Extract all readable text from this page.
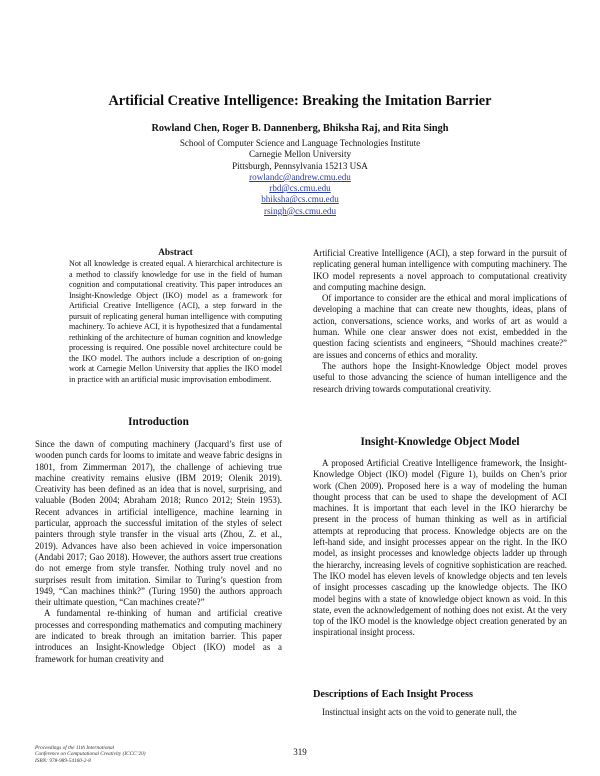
Artificial Creative Intelligence: Breaking the Imitation Barrier
Rowland Chen, Roger B. Dannenberg, Bhiksha Raj, and Rita Singh
School of Computer Science and Language Technologies Institute
Carnegie Mellon University
Pittsburgh, Pennsylvania 15213 USA
rowlandc@andrew.cmu.edu
rbd@cs.cmu.edu
bhiksha@cs.cmu.edu
rsingh@cs.cmu.edu
Abstract
Not all knowledge is created equal. A hierarchical architecture is a method to classify knowledge for use in the field of human cognition and computational creativity. This paper introduces an Insight-Knowledge Object (IKO) model as a framework for Artificial Creative Intelligence (ACI), a step forward in the pursuit of replicating general human intelligence with computing machinery. To achieve ACI, it is hypothesized that a fundamental rethinking of the architecture of human cognition and knowledge processing is required. One possible novel architecture could be the IKO model. The authors include a description of on-going work at Carnegie Mellon University that applies the IKO model in practice with an artificial music improvisation embodiment.
Introduction

Since the dawn of computing machinery (Jacquard’s first use of wooden punch cards for looms to imitate and weave fabric designs in 1801, from Zimmerman 2017), the challenge of achieving true machine creativity remains elusive (IBM 2019; Olenik 2019). Creativity has been defined as an idea that is novel, surprising, and valuable (Boden 2004; Abraham 2018; Runco 2012; Stein 1953). Recent advances in artificial intelligence, machine learning in particular, approach the successful imitation of the styles of select painters through style transfer in the visual arts (Zhou, Z. et al., 2019). Advances have also been achieved in voice impersonation (Andabi 2017; Gao 2018). However, the authors assert true creations do not emerge from style transfer. Nothing truly novel and no surprises result from imitation. Similar to Turing’s question from 1949, “Can machines think?” (Turing 1950) the authors approach their ultimate question, “Can machines create?”

A fundamental re-thinking of human and artificial creative processes and corresponding mathematics and computing machinery are indicated to break through an imitation barrier. This paper introduces an Insight-Knowledge Object (IKO) model as a framework for human creativity and

Artificial Creative Intelligence (ACI), a step forward in the pursuit of replicating general human intelligence with computing machinery. The IKO model represents a novel approach to computational creativity and computing machine design.

Of importance to consider are the ethical and moral implications of developing a machine that can create new thoughts, ideas, plans of action, conversations, science works, and works of art as would a human. While one clear answer does not exist, embedded in the question facing scientists and engineers, “Should machines create?” are issues and concerns of ethics and morality.

The authors hope the Insight-Knowledge Object model proves useful to those advancing the science of human intelligence and the research driving towards computational creativity.

Insight-Knowledge Object Model

A proposed Artificial Creative Intelligence framework, the Insight-Knowledge Object (IKO) model (Figure 1), builds on Chen’s prior work (Chen 2009). Proposed here is a way of modeling the human thought process that can be used to shape the development of ACI machines. It is important that each level in the IKO hierarchy be present in the process of human thinking as well as in artificial attempts at reproducing that process. Knowledge objects are on the left-hand side, and insight processes appear on the right. In the IKO model, as insight processes and knowledge objects ladder up through the hierarchy, increasing levels of cognitive sophistication are reached. The IKO model has eleven levels of knowledge objects and ten levels of insight processes cascading up the knowledge objects. The IKO model begins with a state of knowledge object known as void. In this state, even the acknowledgement of nothing does not exist. At the very top of the IKO model is the knowledge object creation generated by an inspirational insight process.

Descriptions of Each Insight Process

Instinctual insight acts on the void to generate null, the

Proceedings of the 11th International
Conference on Computational Creativity (ICCC’20)
ISBN: 978-989-54160-2-8
319
